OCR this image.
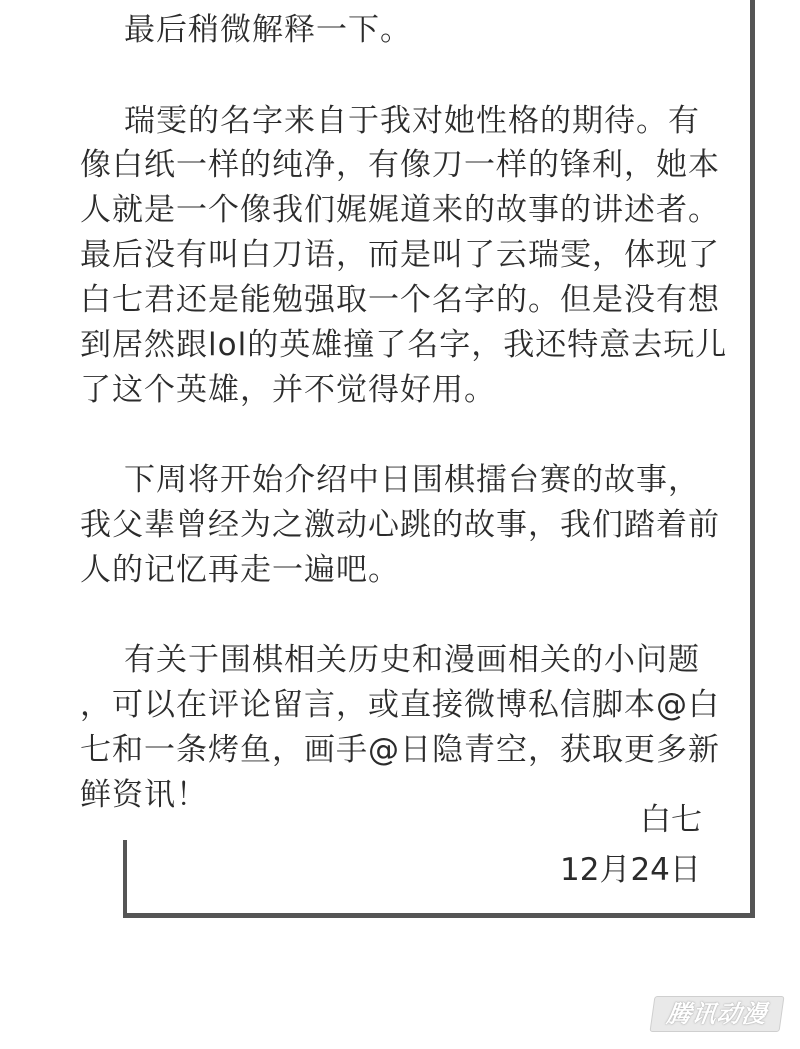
最后稍微解释一下。
瑞雯的名字来自于我对她性格的期待。有
像白纸一样的纯净，有像刀一样的锋利，她本
人就是一个像我们娓娓道来的故事的讲述者。
最后没有叫白刀语，而是叫了云瑞雯，体现了
白七君还是能勉强取一个名字的。但是没有想
到居然跟lol的英雄撞了名字，我还特意去玩儿
了这个英雄，并不觉得好用。
下周将开始介绍中日围棋擂台赛的故事，
我父辈曾经为之激动心跳的故事，我们踏着前
人的记忆再走一遍吧。
有关于围棋相关历史和漫画相关的小问题
，可以在评论留言，或直接微博私信脚本@白
七和一条烤鱼，画手@日隐青空，获取更多新
鲜资讯！
白七
12月24日
腾讯动漫
